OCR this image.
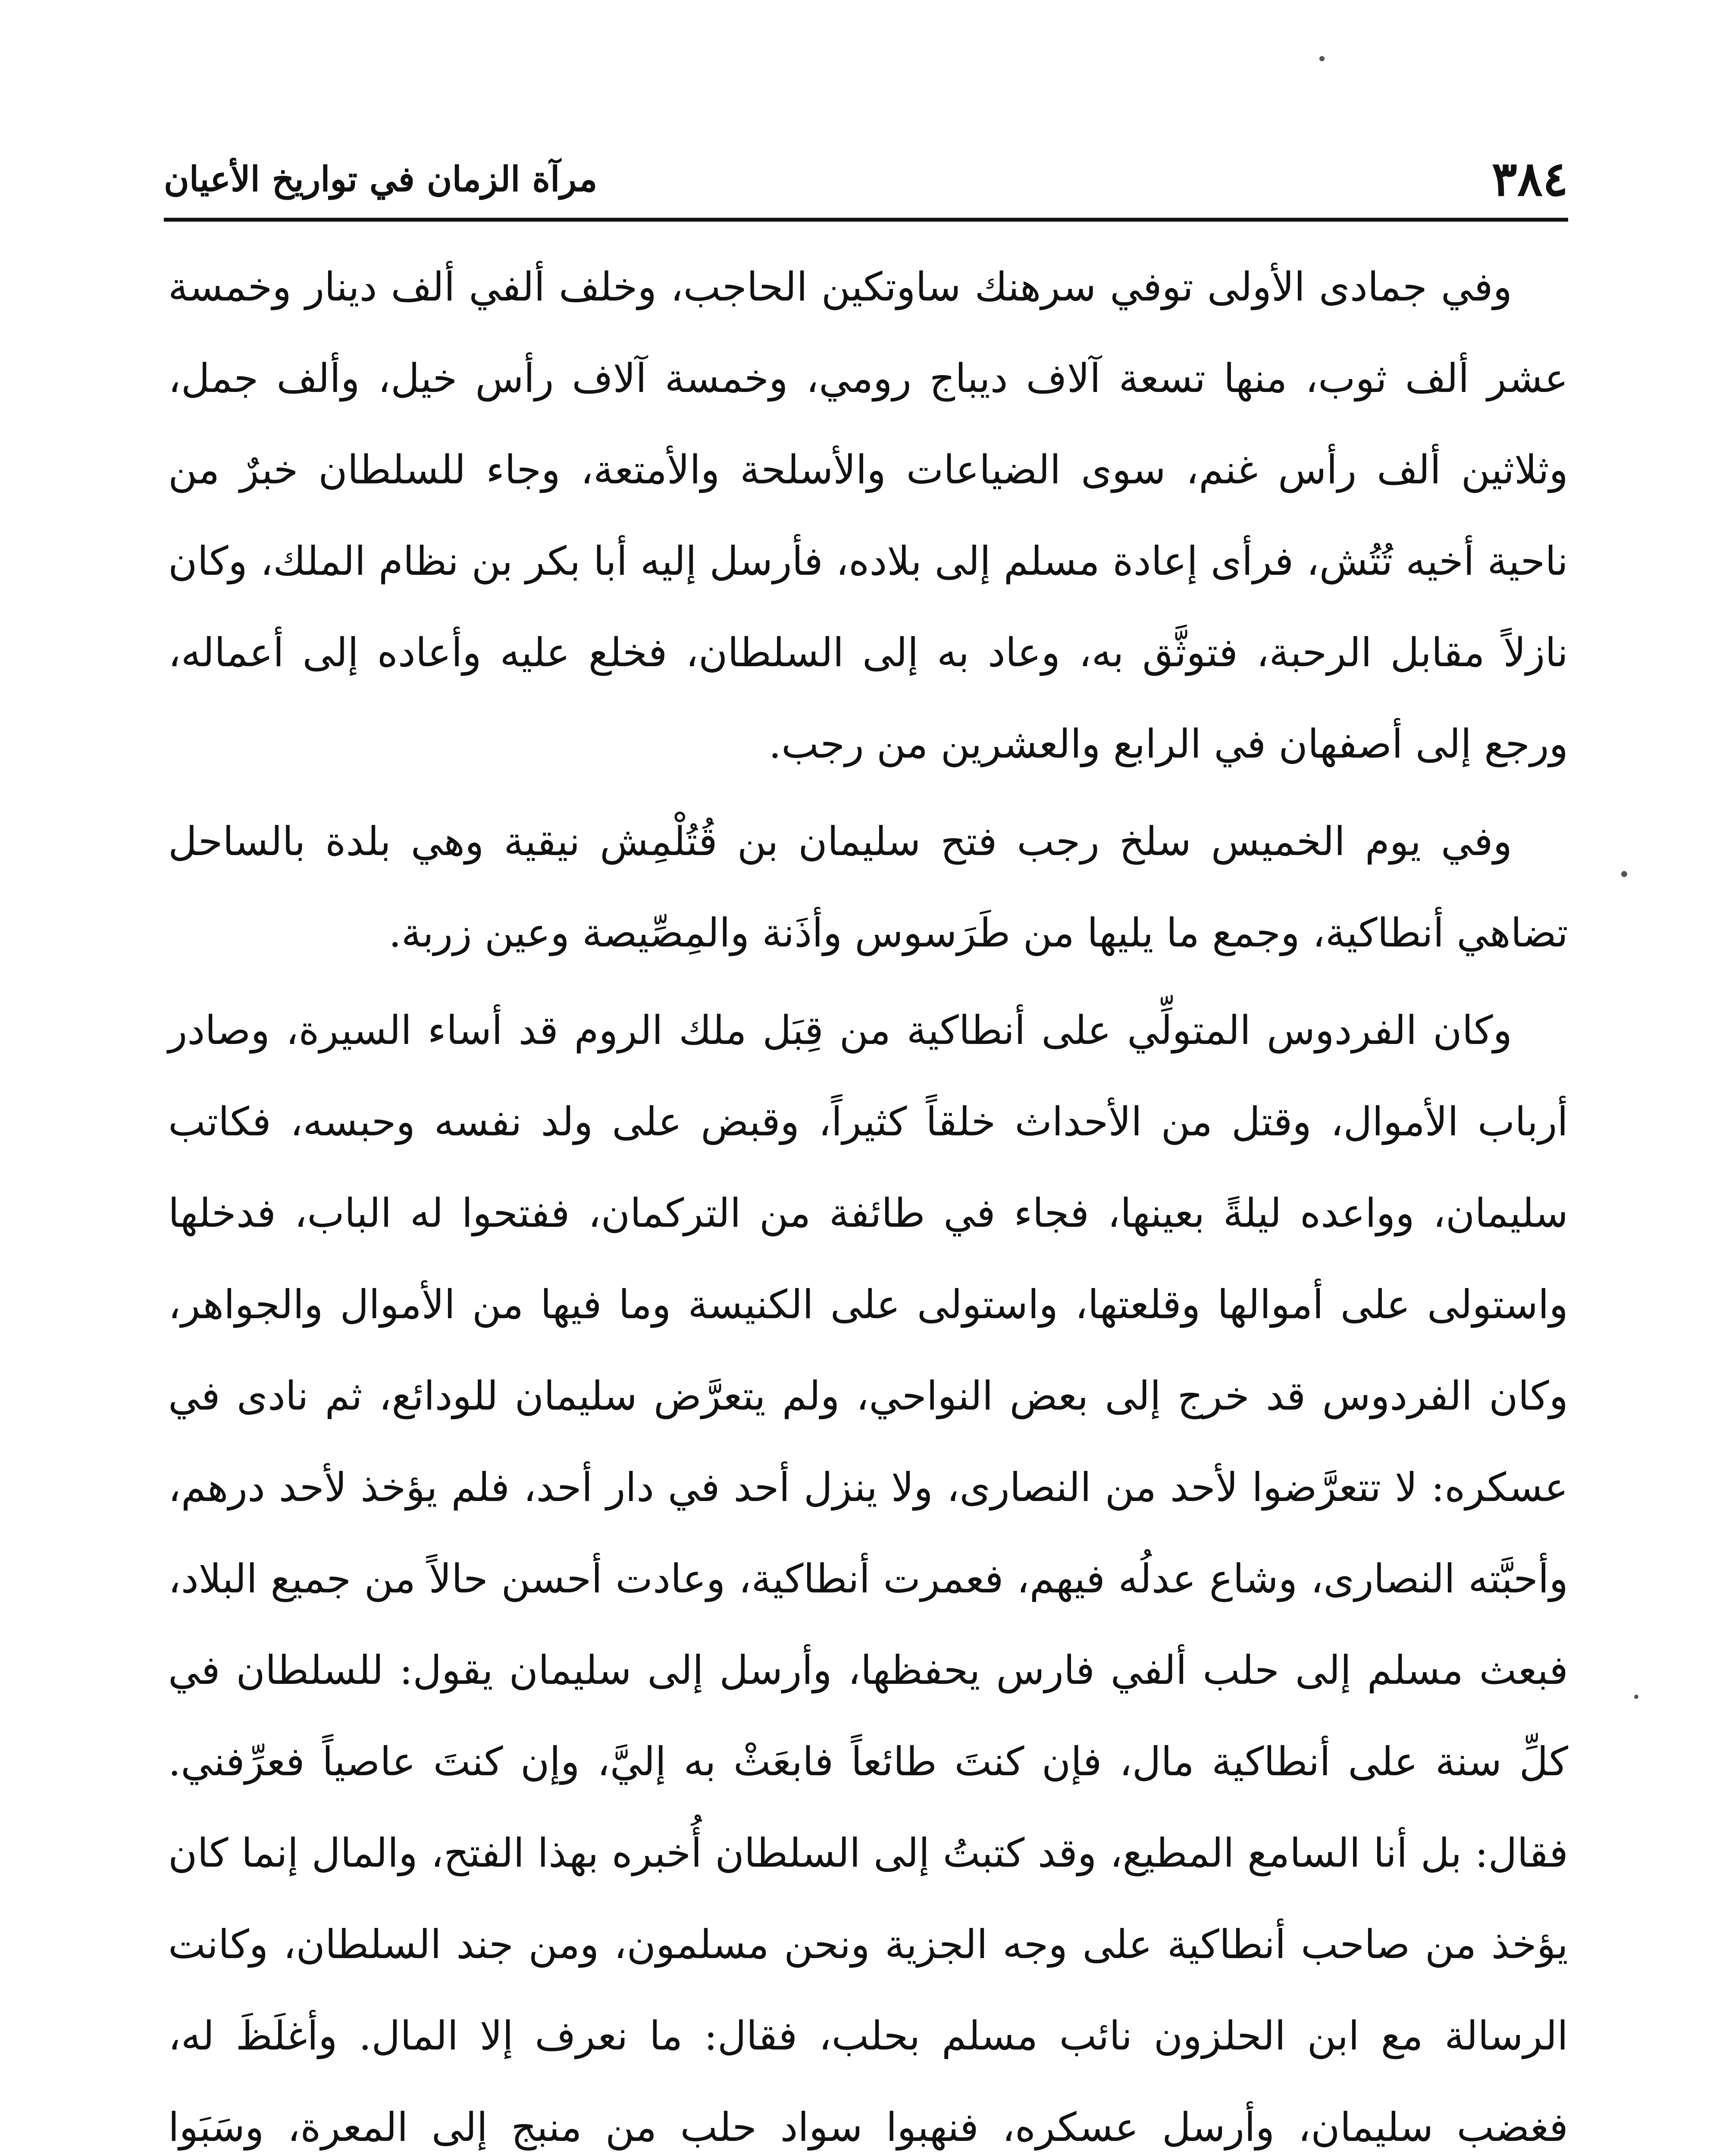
٣٨٤
مرآة الزمان في تواريخ الأعيان

وفي جمادى الأولى توفي سرهنك ساوتكين الحاجب، وخلف ألفي ألف دينار وخمسة عشر ألف ثوب، منها تسعة آلاف ديباج رومي، وخمسة آلاف رأس خيل، وألف جمل، وثلاثين ألف رأس غنم، سوى الضياعات والأسلحة والأمتعة، وجاء للسلطان خبرٌ من ناحية أخيه تُتُش، فرأى إعادة مسلم إلى بلاده، فأرسل إليه أبا بكر بن نظام الملك، وكان نازلاً مقابل الرحبة، فتوثَّق به، وعاد به إلى السلطان، فخلع عليه وأعاده إلى أعماله، ورجع إلى أصفهان في الرابع والعشرين من رجب.

وفي يوم الخميس سلخ رجب فتح سليمان بن قُتُلْمِش نيقية وهي بلدة بالساحل تضاهي أنطاكية، وجمع ما يليها من طَرَسوس وأذَنة والمِصِّيصة وعين زربة.

وكان الفردوس المتولِّي على أنطاكية من قِبَل ملك الروم قد أساء السيرة، وصادر أرباب الأموال، وقتل من الأحداث خلقاً كثيراً، وقبض على ولد نفسه وحبسه، فكاتب سليمان، وواعده ليلةً بعينها، فجاء في طائفة من التركمان، ففتحوا له الباب، فدخلها واستولى على أموالها وقلعتها، واستولى على الكنيسة وما فيها من الأموال والجواهر، وكان الفردوس قد خرج إلى بعض النواحي، ولم يتعرَّض سليمان للودائع، ثم نادى في عسكره: لا تتعرَّضوا لأحد من النصارى، ولا ينزل أحد في دار أحد، فلم يؤخذ لأحد درهم، وأحبَّته النصارى، وشاع عدلُه فيهم، فعمرت أنطاكية، وعادت أحسن حالاً من جميع البلاد، فبعث مسلم إلى حلب ألفي فارس يحفظها، وأرسل إلى سليمان يقول: للسلطان في كلِّ سنة على أنطاكية مال، فإن كنتَ طائعاً فابعَثْ به إليَّ، وإن كنتَ عاصياً فعرِّفني. فقال: بل أنا السامع المطيع، وقد كتبتُ إلى السلطان أُخبره بهذا الفتح، والمال إنما كان يؤخذ من صاحب أنطاكية على وجه الجزية ونحن مسلمون، ومن جند السلطان، وكانت الرسالة مع ابن الحلزون نائب مسلم بحلب، فقال: ما نعرف إلا المال. وأغلَظَ له، فغضب سليمان، وأرسل عسكره، فنهبوا سواد حلب من منبج إلى المعرة، وسَبَوا
